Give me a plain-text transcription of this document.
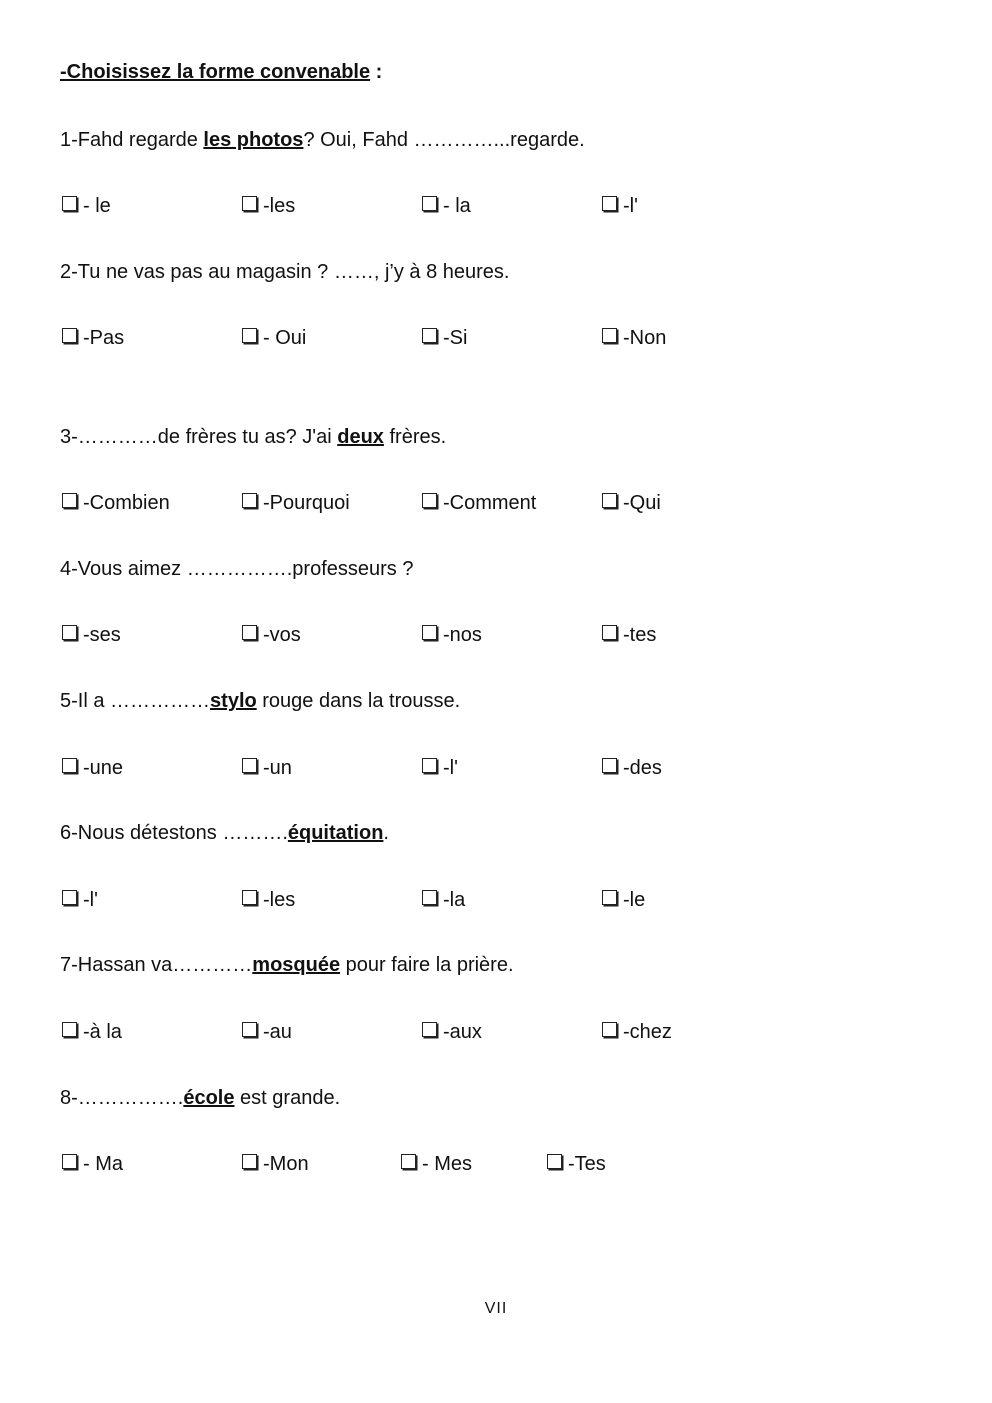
-Choisissez la forme convenable :
1-Fahd regarde les photos? Oui, Fahd …………...regarde.
- le	-les	- la	-l'
2-Tu ne vas pas au magasin ? ……, j’y à 8 heures.
-Pas	- Oui	-Si	-Non
3-…………de frères tu as? J'ai deux frères.
-Combien	-Pourquoi	-Comment	-Qui
4-Vous aimez …………….professeurs ?
-ses	-vos	-nos	-tes
5-Il a ……………stylo rouge dans la trousse.
-une	-un	-l'	-des
6-Nous détestons ……….équitation.
-l'	-les	-la	-le
7-Hassan va…………mosquée pour faire la prière.
-à la	-au	-aux	-chez
8-…………….école est grande.
- Ma	-Mon	- Mes	-Tes
VII
